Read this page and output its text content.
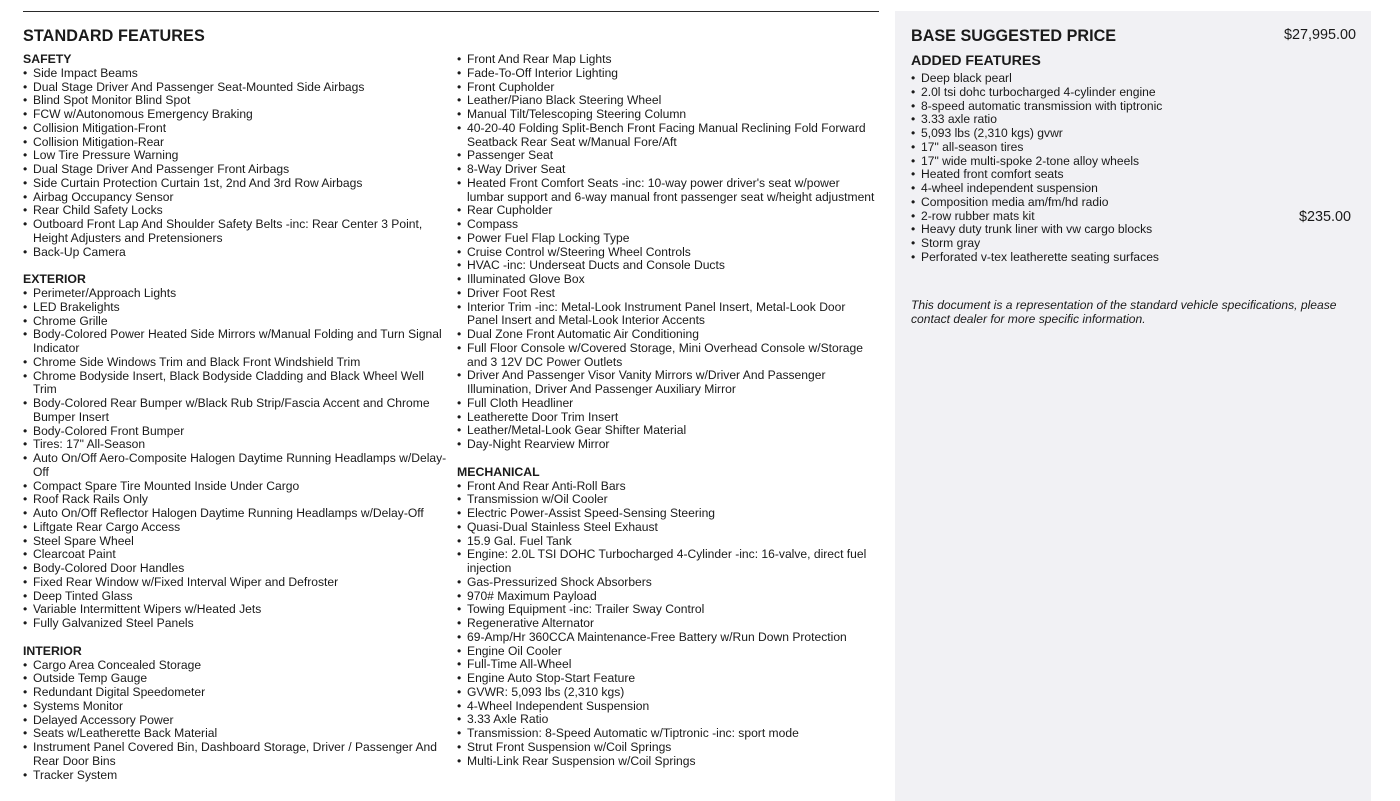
STANDARD FEATURES
SAFETY
• Side Impact Beams
• Dual Stage Driver And Passenger Seat-Mounted Side Airbags
• Blind Spot Monitor Blind Spot
• FCW w/Autonomous Emergency Braking
• Collision Mitigation-Front
• Collision Mitigation-Rear
• Low Tire Pressure Warning
• Dual Stage Driver And Passenger Front Airbags
• Side Curtain Protection Curtain 1st, 2nd And 3rd Row Airbags
• Airbag Occupancy Sensor
• Rear Child Safety Locks
• Outboard Front Lap And Shoulder Safety Belts -inc: Rear Center 3 Point, Height Adjusters and Pretensioners
• Back-Up Camera
EXTERIOR
• Perimeter/Approach Lights
• LED Brakelights
• Chrome Grille
• Body-Colored Power Heated Side Mirrors w/Manual Folding and Turn Signal Indicator
• Chrome Side Windows Trim and Black Front Windshield Trim
• Chrome Bodyside Insert, Black Bodyside Cladding and Black Wheel Well Trim
• Body-Colored Rear Bumper w/Black Rub Strip/Fascia Accent and Chrome Bumper Insert
• Body-Colored Front Bumper
• Tires: 17" All-Season
• Auto On/Off Aero-Composite Halogen Daytime Running Headlamps w/Delay-Off
• Compact Spare Tire Mounted Inside Under Cargo
• Roof Rack Rails Only
• Auto On/Off Reflector Halogen Daytime Running Headlamps w/Delay-Off
• Liftgate Rear Cargo Access
• Steel Spare Wheel
• Clearcoat Paint
• Body-Colored Door Handles
• Fixed Rear Window w/Fixed Interval Wiper and Defroster
• Deep Tinted Glass
• Variable Intermittent Wipers w/Heated Jets
• Fully Galvanized Steel Panels
INTERIOR
• Cargo Area Concealed Storage
• Outside Temp Gauge
• Redundant Digital Speedometer
• Systems Monitor
• Delayed Accessory Power
• Seats w/Leatherette Back Material
• Instrument Panel Covered Bin, Dashboard Storage, Driver / Passenger And Rear Door Bins
• Tracker System
• Front And Rear Map Lights
• Fade-To-Off Interior Lighting
• Front Cupholder
• Leather/Piano Black Steering Wheel
• Manual Tilt/Telescoping Steering Column
• 40-20-40 Folding Split-Bench Front Facing Manual Reclining Fold Forward Seatback Rear Seat w/Manual Fore/Aft
• Passenger Seat
• 8-Way Driver Seat
• Heated Front Comfort Seats -inc: 10-way power driver's seat w/power lumbar support and 6-way manual front passenger seat w/height adjustment
• Rear Cupholder
• Compass
• Power Fuel Flap Locking Type
• Cruise Control w/Steering Wheel Controls
• HVAC -inc: Underseat Ducts and Console Ducts
• Illuminated Glove Box
• Driver Foot Rest
• Interior Trim -inc: Metal-Look Instrument Panel Insert, Metal-Look Door Panel Insert and Metal-Look Interior Accents
• Dual Zone Front Automatic Air Conditioning
• Full Floor Console w/Covered Storage, Mini Overhead Console w/Storage and 3 12V DC Power Outlets
• Driver And Passenger Visor Vanity Mirrors w/Driver And Passenger Illumination, Driver And Passenger Auxiliary Mirror
• Full Cloth Headliner
• Leatherette Door Trim Insert
• Leather/Metal-Look Gear Shifter Material
• Day-Night Rearview Mirror
MECHANICAL
• Front And Rear Anti-Roll Bars
• Transmission w/Oil Cooler
• Electric Power-Assist Speed-Sensing Steering
• Quasi-Dual Stainless Steel Exhaust
• 15.9 Gal. Fuel Tank
• Engine: 2.0L TSI DOHC Turbocharged 4-Cylinder -inc: 16-valve, direct fuel injection
• Gas-Pressurized Shock Absorbers
• 970# Maximum Payload
• Towing Equipment -inc: Trailer Sway Control
• Regenerative Alternator
• 69-Amp/Hr 360CCA Maintenance-Free Battery w/Run Down Protection
• Engine Oil Cooler
• Full-Time All-Wheel
• Engine Auto Stop-Start Feature
• GVWR: 5,093 lbs (2,310 kgs)
• 4-Wheel Independent Suspension
• 3.33 Axle Ratio
• Transmission: 8-Speed Automatic w/Tiptronic -inc: sport mode
• Strut Front Suspension w/Coil Springs
• Multi-Link Rear Suspension w/Coil Springs
BASE SUGGESTED PRICE	$27,995.00
ADDED FEATURES
• Deep black pearl
• 2.0l tsi dohc turbocharged 4-cylinder engine
• 8-speed automatic transmission with tiptronic
• 3.33 axle ratio
• 5,093 lbs (2,310 kgs) gvwr
• 17" all-season tires
• 17" wide multi-spoke 2-tone alloy wheels
• Heated front comfort seats
• 4-wheel independent suspension
• Composition media am/fm/hd radio
• 2-row rubber mats kit	$235.00
• Heavy duty trunk liner with vw cargo blocks
• Storm gray
• Perforated v-tex leatherette seating surfaces
This document is a representation of the standard vehicle specifications, please contact dealer for more specific information.
